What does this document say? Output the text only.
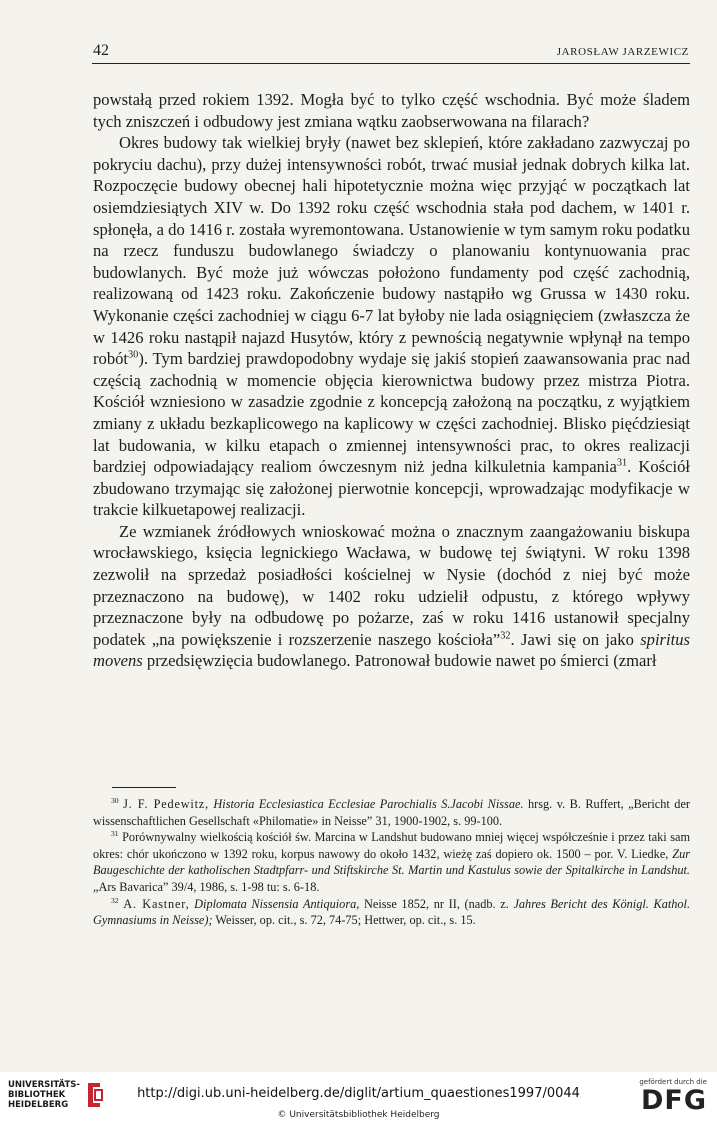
42	JAROSŁAW JARZEWICZ

powstałą przed rokiem 1392. Mogła być to tylko część wschodnia. Być może śladem tych zniszczeń i odbudowy jest zmiana wątku zaobserwowana na filarach?

Okres budowy tak wielkiej bryły (nawet bez sklepień, które zakładano zazwyczaj po pokryciu dachu), przy dużej intensywności robót, trwać musiał jednak dobrych kilka lat. Rozpoczęcie budowy obecnej hali hipotetycznie można więc przyjąć w początkach lat osiemdziesiątych XIV w. Do 1392 roku część wschodnia stała pod dachem, w 1401 r. spłonęła, a do 1416 r. została wyremontowana. Ustanowienie w tym samym roku podatku na rzecz funduszu budowlanego świadczy o planowaniu kontynuowania prac budowlanych. Być może już wówczas położono fundamenty pod część zachodnią, realizowaną od 1423 roku. Zakończenie budowy nastąpiło wg Grussa w 1430 roku. Wykonanie części zachodniej w ciągu 6-7 lat byłoby nie lada osiągnięciem (zwłaszcza że w 1426 roku nastąpił najazd Husytów, który z pewnością negatywnie wpłynął na tempo robót$^{30}$). Tym bardziej prawdopodobny wydaje się jakiś stopień zaawansowania prac nad częścią zachodnią w momencie objęcia kierownictwa budowy przez mistrza Piotra. Kościół wzniesiono w zasadzie zgodnie z koncepcją założoną na początku, z wyjątkiem zmiany z układu bezkaplicowego na kaplicowy w części zachodniej. Blisko pięćdziesiąt lat budowania, w kilku etapach o zmiennej intensywności prac, to okres realizacji bardziej odpowiadający realiom ówczesnym niż jedna kilkuletnia kampania$^{31}$. Kościół zbudowano trzymając się założonej pierwotnie koncepcji, wprowadzając modyfikacje w trakcie kilkuetapowej realizacji.

Ze wzmianek źródłowych wnioskować można o znacznym zaangażowaniu biskupa wrocławskiego, księcia legnickiego Wacława, w budowę tej świątyni. W roku 1398 zezwolił na sprzedaż posiadłości kościelnej w Nysie (dochód z niej być może przeznaczono na budowę), w 1402 roku udzielił odpustu, z którego wpływy przeznaczone były na odbudowę po pożarze, zaś w roku 1416 ustanowił specjalny podatek „na powiększenie i rozszerzenie naszego kościoła”$^{32}$. Jawi się on jako spiritus movens przedsięwzięcia budowlanego. Patronował budowie nawet po śmierci (zmarł

$^{30}$ J. F. Pedewitz, Historia Ecclesiastica Ecclesiae Parochialis S.Jacobi Nissae. hrsg. v. B. Ruffert, „Bericht der wissenschaftlichen Gesellschaft «Philomatie» in Neisse” 31, 1900-1902, s. 99-100.

$^{31}$ Porównywalny wielkością kościół św. Marcina w Landshut budowano mniej więcej współcześnie i przez taki sam okres: chór ukończono w 1392 roku, korpus nawowy do około 1432, wieżę zaś dopiero ok. 1500 – por. V. Liedke, Zur Baugeschichte der katholischen Stadtpfarr- und Stiftskirche St. Martin und Kastulus sowie der Spitalkirche in Landshut. „Ars Bavarica” 39/4, 1986, s. 1-98 tu: s. 6-18.

$^{32}$ A. Kastner, Diplomata Nissensia Antiquiora, Neisse 1852, nr II, (nadb. z. Jahres Bericht des Königl. Kathol. Gymnasiums in Neisse); Weisser, op. cit., s. 72, 74-75; Hettwer, op. cit., s. 15.

UNIVERSITÄTS-
BIBLIOTHEK
HEIDELBERG
http://digi.ub.uni-heidelberg.de/diglit/artium_quaestiones1997/0044
© Universitätsbibliothek Heidelberg
gefördert durch die
DFG
